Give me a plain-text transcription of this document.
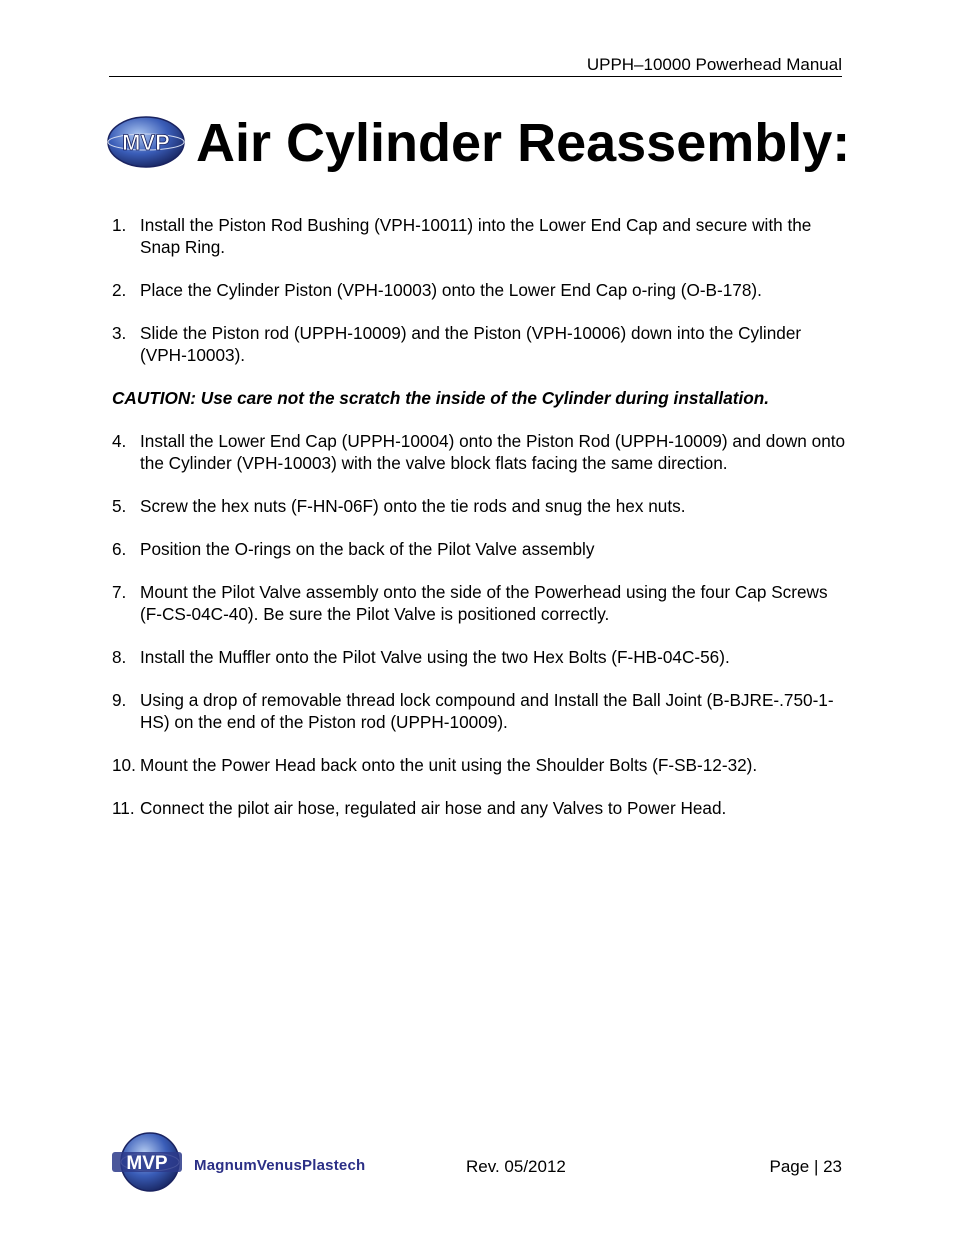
UPPH–10000 Powerhead Manual
MVP Air Cylinder Reassembly:
1. Install the Piston Rod Bushing (VPH-10011) into the Lower End Cap and secure with the Snap Ring.
2. Place the Cylinder Piston (VPH-10003) onto the Lower End Cap o-ring (O-B-178).
3. Slide the Piston rod (UPPH-10009) and the Piston (VPH-10006) down into the Cylinder (VPH-10003).
CAUTION: Use care not the scratch the inside of the Cylinder during installation.
4. Install the Lower End Cap (UPPH-10004) onto the Piston Rod (UPPH-10009) and down onto the Cylinder (VPH-10003) with the valve block flats facing the same direction.
5. Screw the hex nuts (F-HN-06F) onto the tie rods and snug the hex nuts.
6. Position the O-rings on the back of the Pilot Valve assembly
7. Mount the Pilot Valve assembly onto the side of the Powerhead using the four Cap Screws (F-CS-04C-40). Be sure the Pilot Valve is positioned correctly.
8. Install the Muffler onto the Pilot Valve using the two Hex Bolts (F-HB-04C-56).
9. Using a drop of removable thread lock compound and Install the Ball Joint (B-BJRE-.750-1-HS) on the end of the Piston rod (UPPH-10009).
10. Mount the Power Head back onto the unit using the Shoulder Bolts (F-SB-12-32).
11. Connect the pilot air hose, regulated air hose and any Valves to Power Head.
MVP MagnumVenusPlastech	Rev. 05/2012	Page | 23
